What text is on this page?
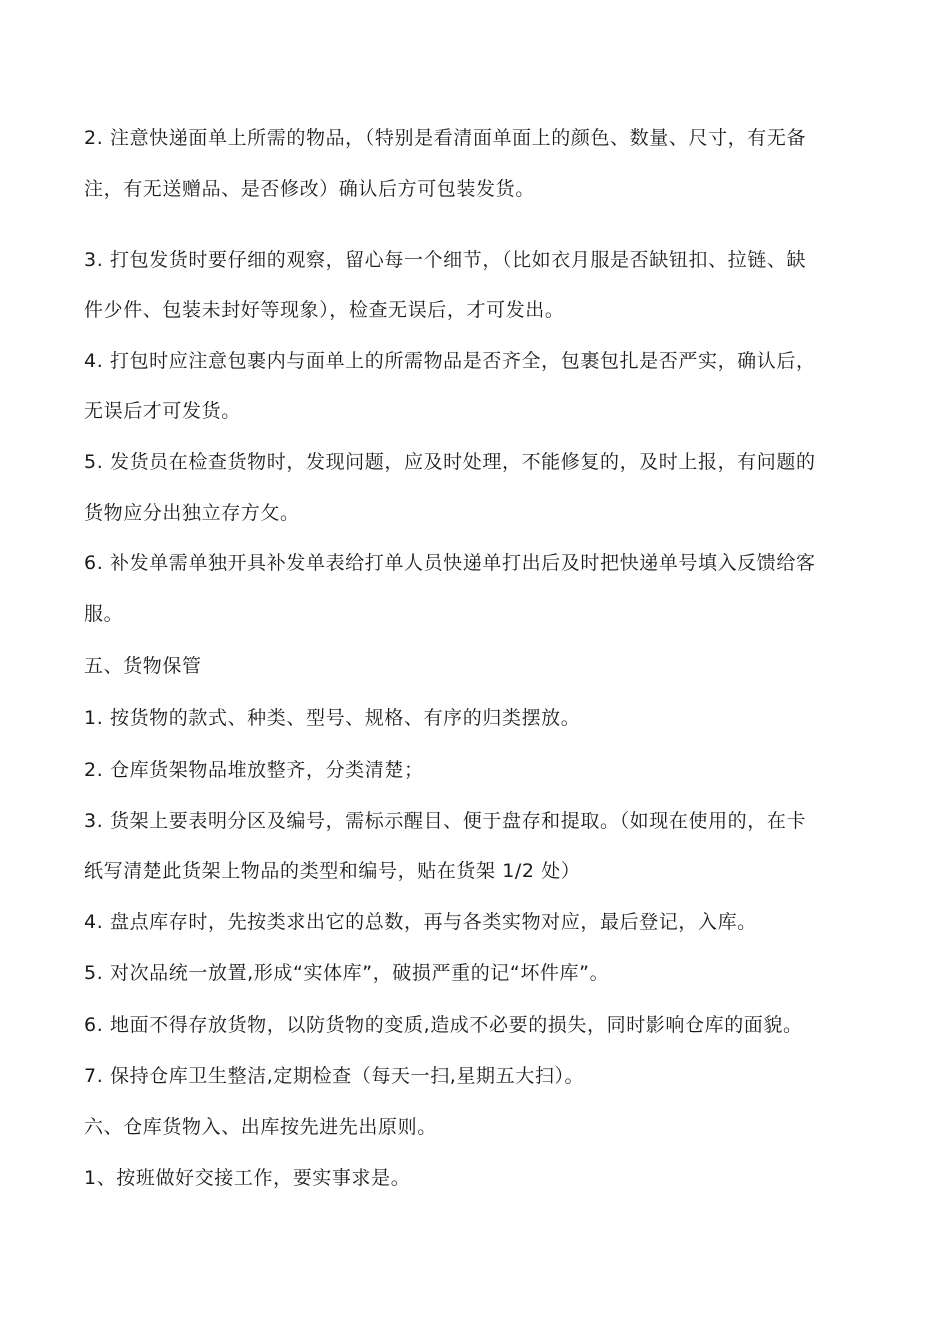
2. 注意快递面单上所需的物品，（特别是看清面单面上的颜色、数量、尺寸，有无备
注，有无送赠品、是否修改）确认后方可包装发货。
3. 打包发货时要仔细的观察，留心每一个细节，（比如衣月服是否缺钮扣、拉链、缺
件少件、包装未封好等现象），检查无误后，才可发出。
4. 打包时应注意包裹内与面单上的所需物品是否齐全，包裹包扎是否严实，确认后，
无误后才可发货。
5. 发货员在检查货物时，发现问题，应及时处理，不能修复的，及时上报，有问题的
货物应分出独立存方攵。
6. 补发单需单独开具补发单表给打单人员快递单打出后及时把快递单号填入反馈给客
服。
五、货物保管
1. 按货物的款式、种类、型号、规格、有序的归类摆放。
2. 仓库货架物品堆放整齐，分类清楚；
3. 货架上要表明分区及编号，需标示醒目、便于盘存和提取。（如现在使用的，在卡
纸写清楚此货架上物品的类型和编号，贴在货架 1/2 处）
4. 盘点库存时，先按类求出它的总数，再与各类实物对应，最后登记，入库。
5. 对次品统一放置,形成“实体库”，破损严重的记“坏件库”。
6. 地面不得存放货物，以防货物的变质,造成不必要的损失，同时影响仓库的面貌。
7. 保持仓库卫生整洁,定期检查（每天一扫,星期五大扫）。
六、仓库货物入、出库按先进先出原则。
1、按班做好交接工作，要实事求是。
